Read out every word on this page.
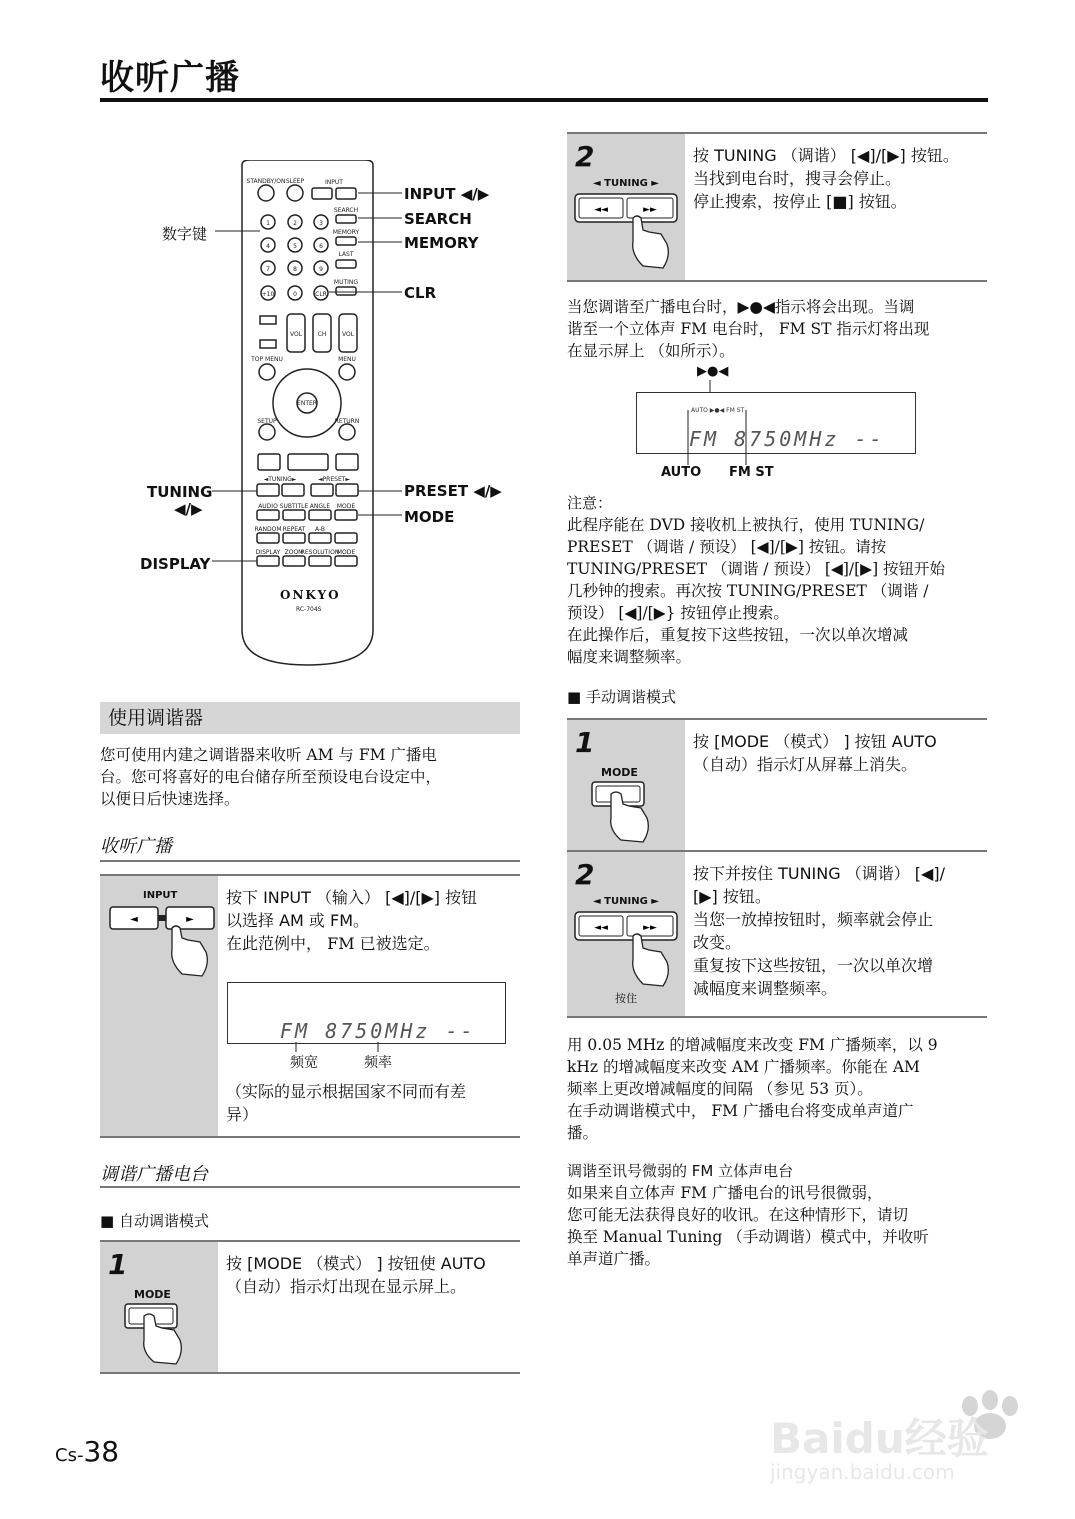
收听广播
STANDBY/ON SLEEP	INPUT
SEARCH
MEMORY
LAST
1	2	3
4	5	6
7	8	9
+10	0	CLR
MUTING
VOL	CH	VOL
TOP MENU	MENU
ENTER
SETUP	RETURN
◄TUNING►	◄PRESET►
AUDIO SUBTITLE ANGLE MODE
RANDOM REPEAT A-B
DISPLAY ZOOM
RESOLUTION
MODE
ONKYO
RC-704S
INPUT ◀/▶
SEARCH
MEMORY
CLR
数字键
TUNING
◀/▶
PRESET ◀/▶
MODE
DISPLAY
使用调谐器
您可使用内建之调谐器来收听 AM 与 FM 广播电
台。您可将喜好的电台储存所至预设电台设定中，
以便日后快速选择。
收听广播
INPUT
◄	►
按下 INPUT （输入） [◀]/[▶] 按钮
以选择 AM 或 FM。
在此范例中， FM 已被选定。
FM 8750MHz --
频宽	频率
（实际的显示根据国家不同而有差
异）
调谐广播电台
■ 自动调谐模式
1
MODE
按 [MODE （模式） ] 按钮使 AUTO
（自动）指示灯出现在显示屏上。
2
◄ TUNING ►
◄◄	►►
按 TUNING （调谐） [◀]/[▶] 按钮。
当找到电台时，搜寻会停止。
停止搜索，按停止 [■] 按钮。
当您调谐至广播电台时，▶●◀指示将会出现。当调
谐至一个立体声 FM 电台时， FM ST 指示灯将出现
在显示屏上 （如所示）。
▶●◀
AUTO ▶●◀ FM ST
FM 8750MHz --
AUTO FM ST
注意：
此程序能在 DVD 接收机上被执行，使用 TUNING/
PRESET （调谐 / 预设） [◀]/[▶] 按钮。请按
TUNING/PRESET （调谐 / 预设） [◀]/[▶] 按钮开始
几秒钟的搜索。再次按 TUNING/PRESET （调谐 /
预设） [◀]/[▶} 按钮停止搜索。
在此操作后，重复按下这些按钮，一次以单次增减
幅度来调整频率。
■ 手动调谐模式
1
MODE
按 [MODE （模式） ] 按钮 AUTO
（自动）指示灯从屏幕上消失。
2
◄ TUNING ►
◄◄	►►
按住
按下并按住 TUNING （调谐） [◀]/
[▶] 按钮。
当您一放掉按钮时，频率就会停止
改变。
重复按下这些按钮，一次以单次增
减幅度来调整频率。
用 0.05 MHz 的增减幅度来改变 FM 广播频率，以 9
kHz 的增减幅度来改变 AM 广播频率。你能在 AM
频率上更改增减幅度的间隔 （参见 53 页）。
在手动调谐模式中， FM 广播电台将变成单声道广
播。
调谐至讯号微弱的 FM 立体声电台
如果来自立体声 FM 广播电台的讯号很微弱，
您可能无法获得良好的收讯。在这种情形下，请切
换至 Manual Tuning （手动调谐）模式中，并收听
单声道广播。
Cs-38	Baidu经验
jingyan.baidu.com
